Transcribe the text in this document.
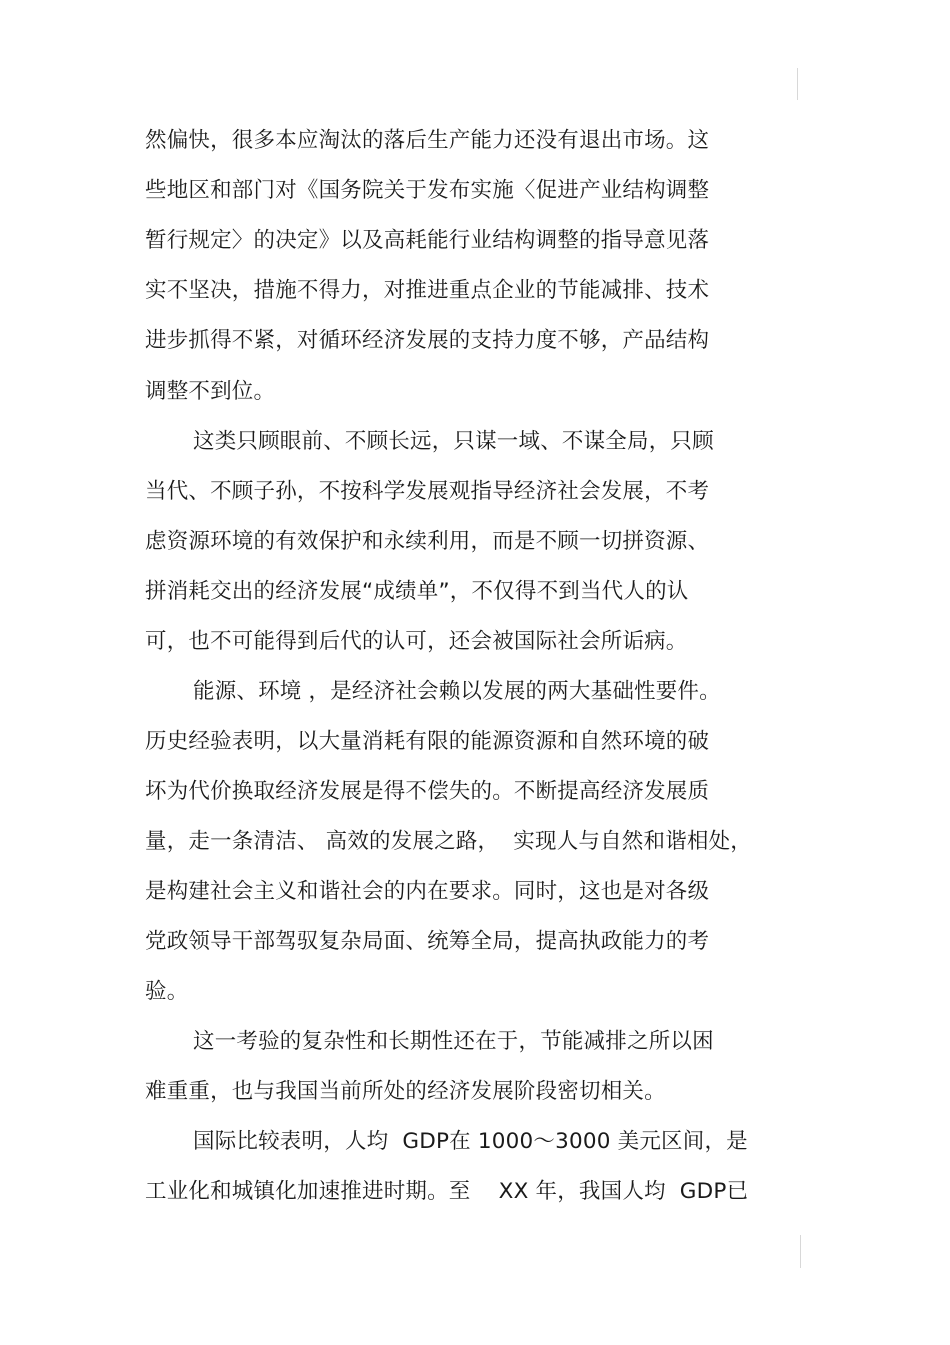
然偏快，很多本应淘汰的落后生产能力还没有退出市场。这
些地区和部门对《国务院关于发布实施〈促进产业结构调整
暂行规定〉的决定》以及高耗能行业结构调整的指导意见落
实不坚决，措施不得力，对推进重点企业的节能减排、技术
进步抓得不紧，对循环经济发展的支持力度不够，产品结构
调整不到位。
这类只顾眼前、不顾长远，只谋一域、不谋全局，只顾
当代、不顾子孙，不按科学发展观指导经济社会发展，不考
虑资源环境的有效保护和永续利用，而是不顾一切拼资源、
拼消耗交出的经济发展“成绩单”，不仅得不到当代人的认
可，也不可能得到后代的认可，还会被国际社会所诟病。
能源、环境 ，是经济社会赖以发展的两大基础性要件。
历史经验表明，以大量消耗有限的能源资源和自然环境的破
坏为代价换取经济发展是得不偿失的。不断提高经济发展质
量，走一条清洁、 高效的发展之路，  实现人与自然和谐相处，
是构建社会主义和谐社会的内在要求。同时，这也是对各级
党政领导干部驾驭复杂局面、统筹全局，提高执政能力的考
验。
这一考验的复杂性和长期性还在于，节能减排之所以困
难重重，也与我国当前所处的经济发展阶段密切相关。
国际比较表明，人均  GDP在 1000～3000 美元区间，是
工业化和城镇化加速推进时期。至    XX 年，我国人均  GDP已
